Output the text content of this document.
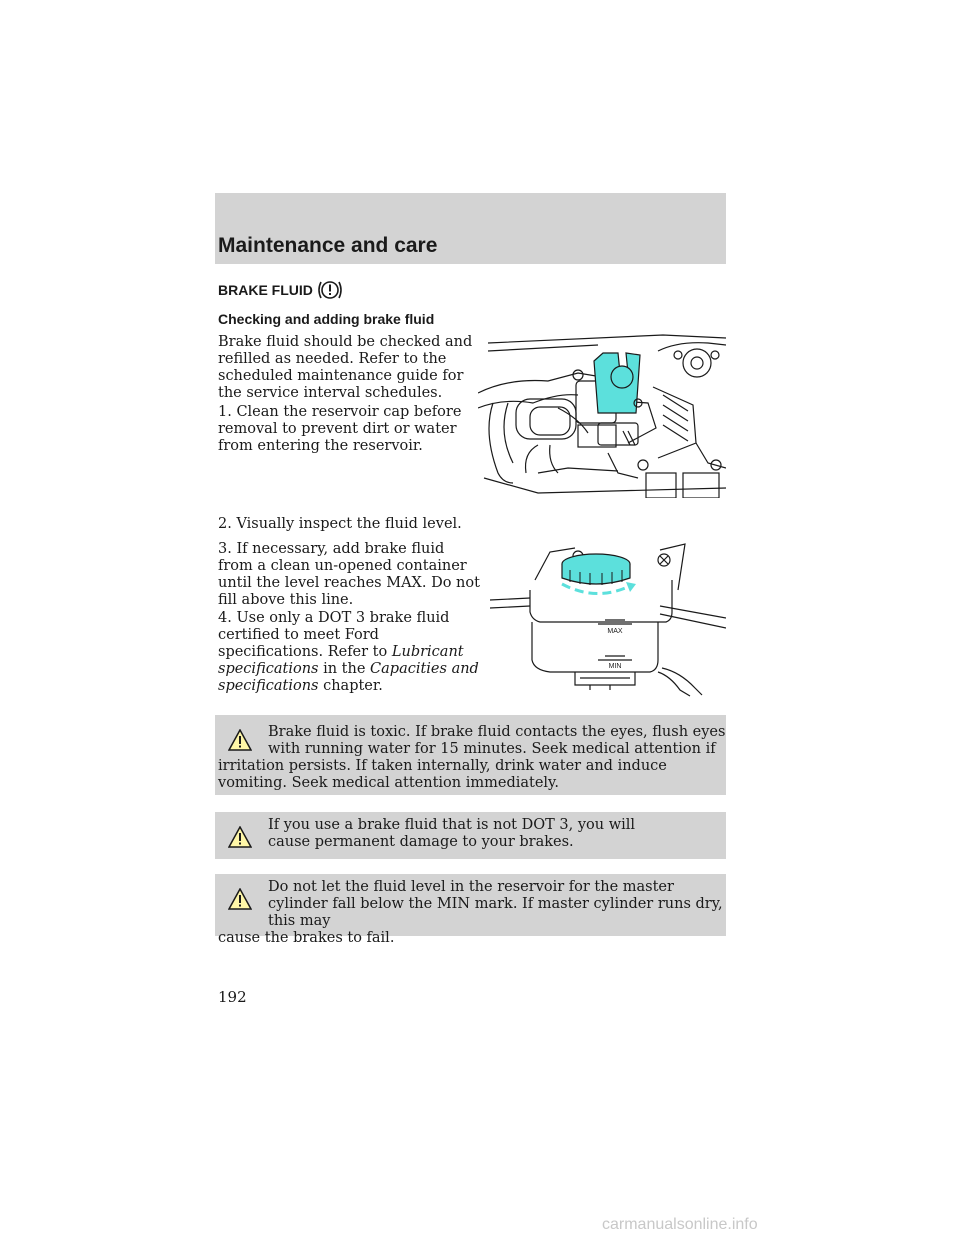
Maintenance and care
BRAKE FLUID
Checking and adding brake fluid

Brake fluid should be checked and refilled as needed. Refer to the scheduled maintenance guide for the service interval schedules.

1. Clean the reservoir cap before removal to prevent dirt or water from entering the reservoir.

2. Visually inspect the fluid level.

3. If necessary, add brake fluid from a clean un-opened container until the level reaches MAX. Do not fill above this line.

4. Use only a DOT 3 brake fluid certified to meet Ford specifications. Refer to Lubricant specifications in the Capacities and specifications chapter.

MAX
MIN

Brake fluid is toxic. If brake fluid contacts the eyes, flush eyes with running water for 15 minutes. Seek medical attention if
irritation persists. If taken internally, drink water and induce vomiting. Seek medical attention immediately.

If you use a brake fluid that is not DOT 3, you will cause permanent damage to your brakes.

Do not let the fluid level in the reservoir for the master cylinder fall below the MIN mark. If master cylinder runs dry, this may
cause the brakes to fail.

192

carmanualsonline.info
